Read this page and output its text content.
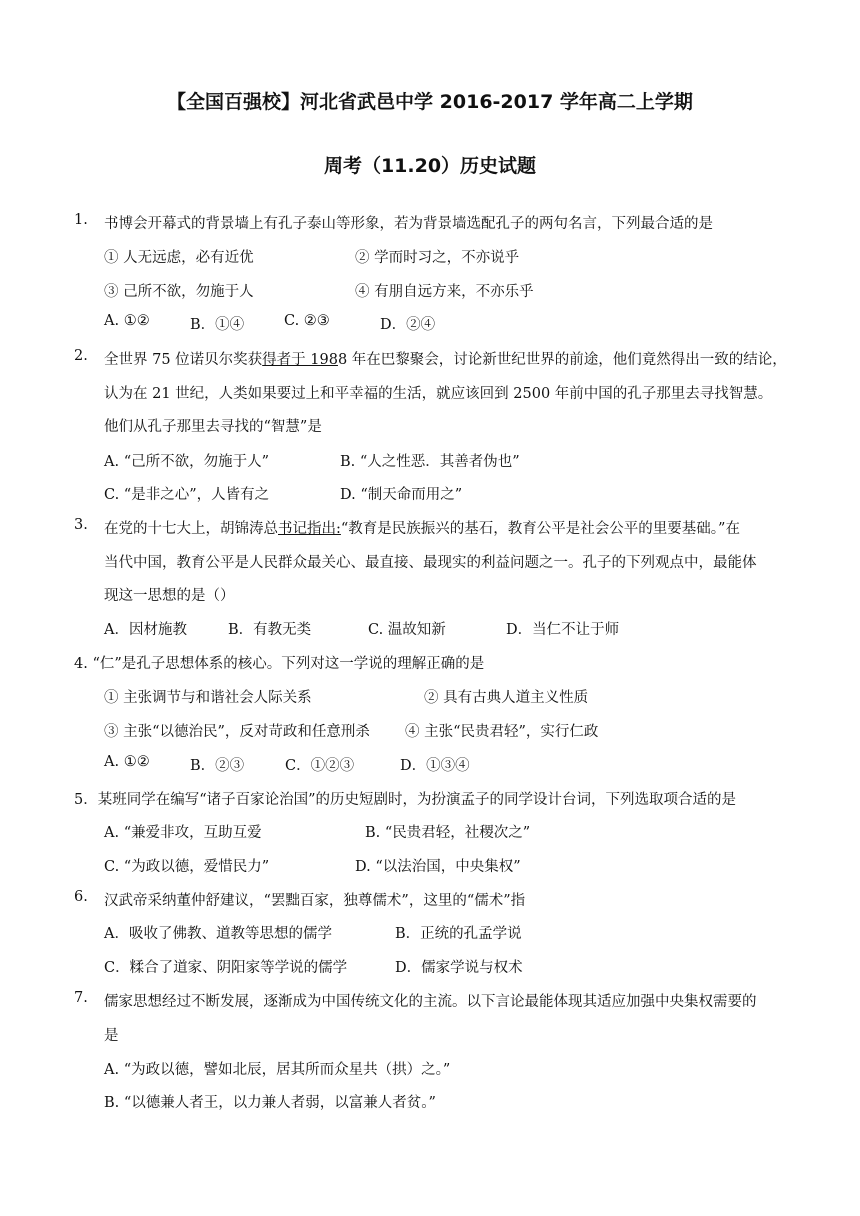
【全国百强校】河北省武邑中学 2016-2017 学年高二上学期
周考（11.20）历史试题
1. 书博会开幕式的背景墙上有孔子泰山等形象，若为背景墙选配孔子的两句名言，下列最合适的是
① 人无远虑，必有近优	② 学而时习之，不亦说乎
③ 己所不欲，勿施于人	④ 有朋自远方来，不亦乐乎
A. ①②	B．①④	C. ②③	D．②④
2. 全世界 75 位诺贝尔奖获得者于 1988 年在巴黎聚会，讨论新世纪世界的前途，他们竟然得出一致的结论，
认为在 21 世纪，人类如果要过上和平幸福的生活，就应该回到 2500 年前中国的孔子那里去寻找智慧。
他们从孔子那里去寻找的“智慧”是
A. “己所不欲，勿施于人”	B. “人之性恶．其善者伪也”
C. “是非之心”，人皆有之	D. “制天命而用之”
3. 在党的十七大上，胡锦涛总书记指出:“教育是民族振兴的基石，教育公平是社会公平的里要基础。”在
当代中国，教育公平是人民群众最关心、最直接、最现实的利益问题之一。孔子的下列观点中，最能体
现这一思想的是（）
A．因材施教	B．有教无类	C. 温故知新	D．当仁不让于师
4. “仁”是孔子思想体系的核心。下列对这一学说的理解正确的是
① 主张调节与和谐社会人际关系	② 具有古典人道主义性质
③ 主张“以德治民”，反对苛政和任意刑杀 ④ 主张“民贵君轻”，实行仁政
A. ①②	B．②③	C．①②③	D．①③④
5．某班同学在编写“诸子百家论治国”的历史短剧时，为扮演孟子的同学设计台词，下列选取项合适的是
A. “兼爱非攻，互助互爱	B. “民贵君轻，社稷次之”
C. “为政以德，爱惜民力”	D. “以法治国，中央集权”
6. 汉武帝采纳董仲舒建议，“罢黜百家，独尊儒术”，这里的“儒术”指
A．吸收了佛教、道教等思想的儒学	B．正统的孔孟学说
C．糅合了道家、阴阳家等学说的儒学	D．儒家学说与权术
7. 儒家思想经过不断发展，逐渐成为中国传统文化的主流。以下言论最能体现其适应加强中央集权需要的
是
A. “为政以德，譬如北辰，居其所而众星共（拱）之。”
B. “以德兼人者王，以力兼人者弱，以富兼人者贫。”
